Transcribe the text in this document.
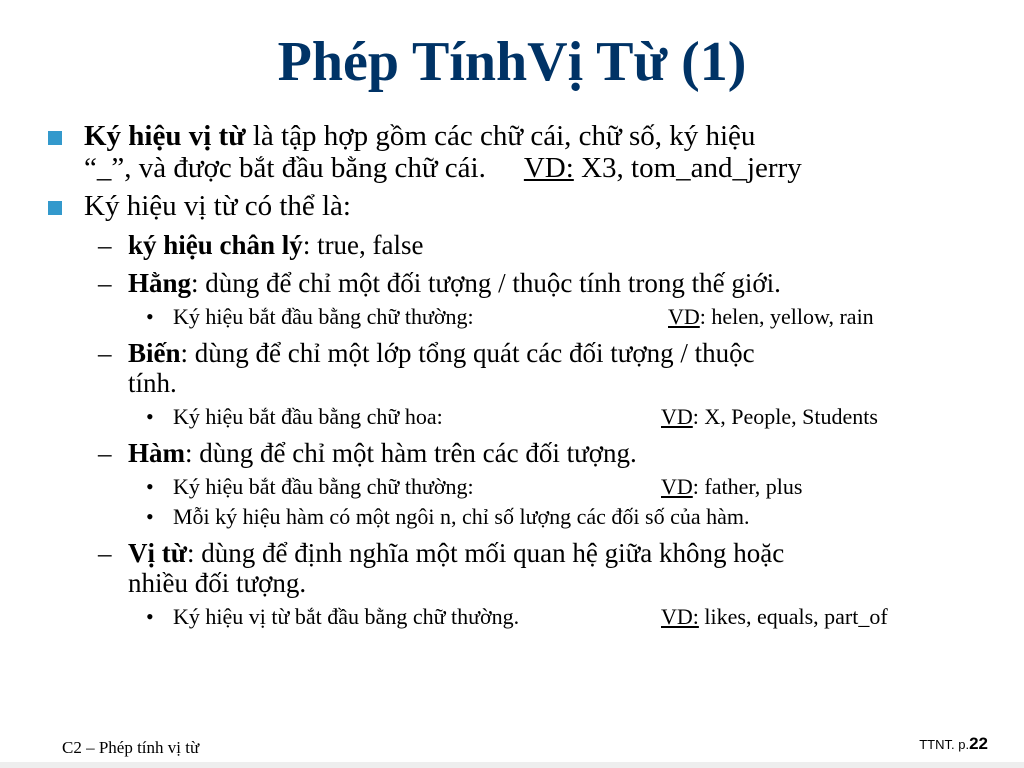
Phép TínhVị Từ (1)
Ký hiệu vị từ là tập hợp gồm các chữ cái, chữ số, ký hiệu
“_”, và được bắt đầu bằng chữ cái. VD: X3, tom_and_jerry
Ký hiệu vị từ có thể là:
– ký hiệu chân lý: true, false
– Hằng: dùng để chỉ một đối tượng / thuộc tính trong thế giới.
• Ký hiệu bắt đầu bằng chữ thường:	VD: helen, yellow, rain
– Biến: dùng để chỉ một lớp tổng quát các đối tượng / thuộc
tính.
• Ký hiệu bắt đầu bằng chữ hoa:	VD: X, People, Students
– Hàm: dùng để chỉ một hàm trên các đối tượng.
• Ký hiệu bắt đầu bằng chữ thường:	VD: father, plus
• Mỗi ký hiệu hàm có một ngôi n, chỉ số lượng các đối số của hàm.
– Vị từ: dùng để định nghĩa một mối quan hệ giữa không hoặc
nhiều đối tượng.
• Ký hiệu vị từ bắt đầu bằng chữ thường.	VD: likes, equals, part_of
C2 – Phép tính vị từ	TTNT. p.22
